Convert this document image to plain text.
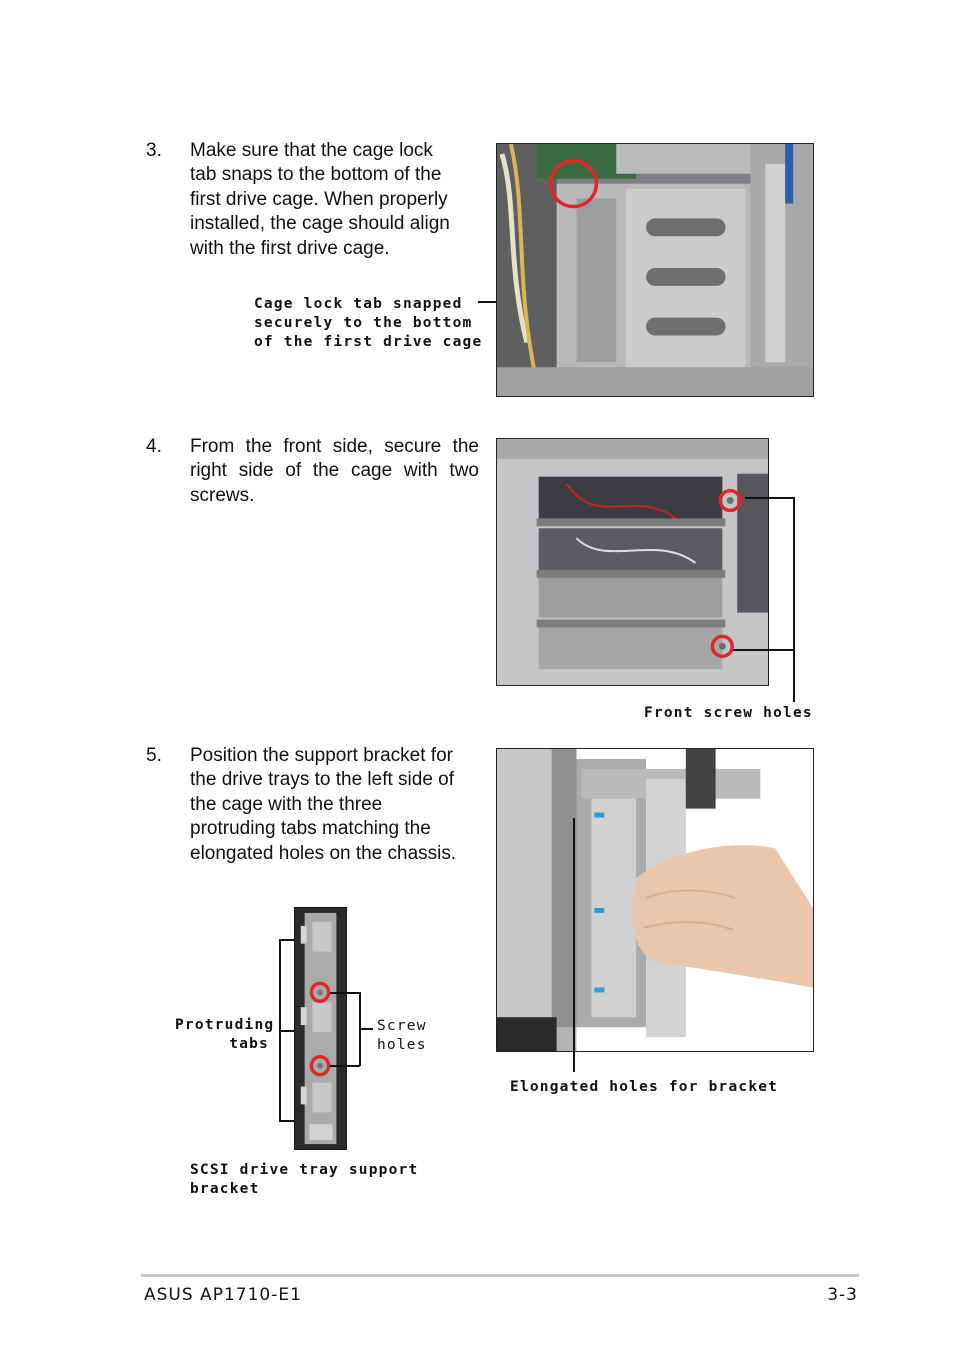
3. Make sure that the cage lock
tab snaps to the bottom of the
first drive cage. When properly
installed, the cage should align
with the first drive cage.
Cage lock tab snapped
securely to the bottom
of the first drive cage
4. From the front side, secure the
right side of the cage with two
screws.
Front screw holes
5. Position the support bracket for
the drive trays to the left side of
the cage with the three
protruding tabs matching the
elongated holes on the chassis.
Elongated holes for bracket
Protruding
tabs
Screw
holes
SCSI drive tray support
bracket
ASUS AP1710-E1	3-3
